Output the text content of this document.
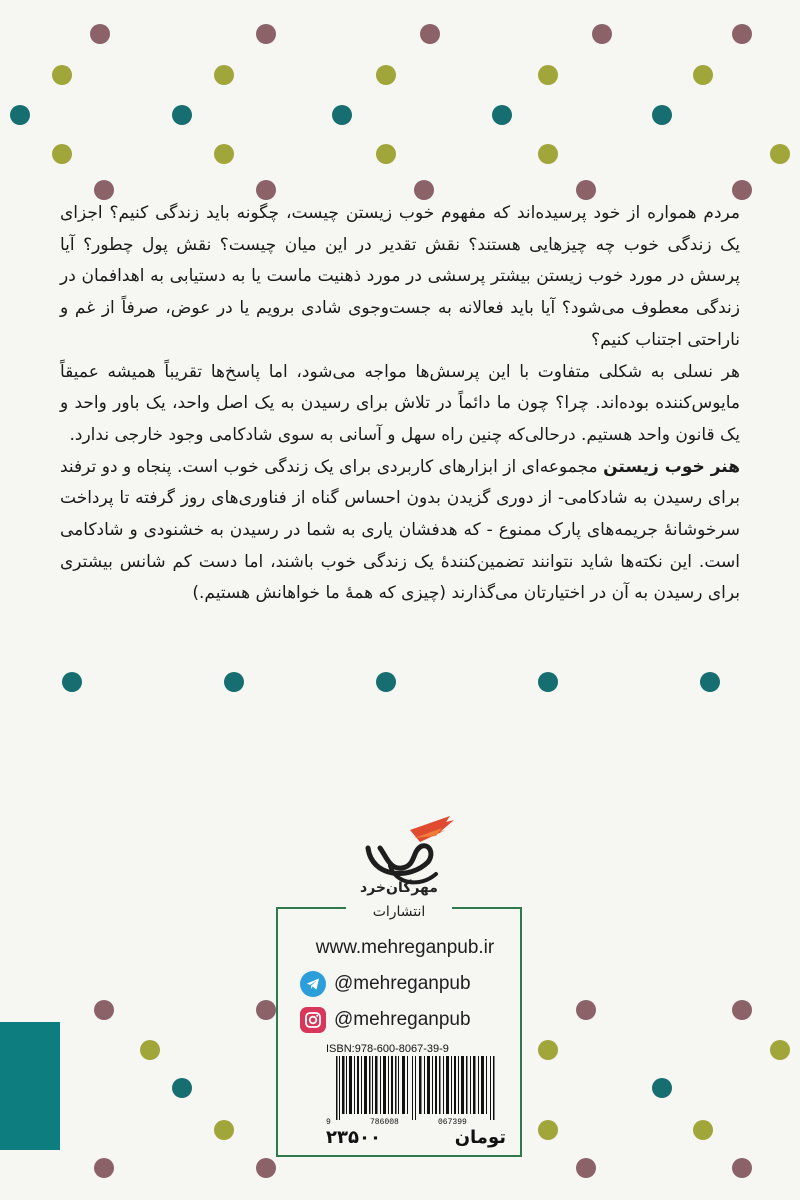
مردم همواره از خود پرسیده‌اند که مفهوم خوب زیستن چیست، چگونه باید زندگی کنیم؟ اجزای یک زندگی خوب چه چیزهایی هستند؟ نقش تقدیر در این میان چیست؟ نقش پول چطور؟ آیا پرسش در مورد خوب زیستن بیشتر پرسشی در مورد ذهنیت ماست یا به دستیابی به اهدافمان در زندگی معطوف می‌شود؟ آیا باید فعالانه به جست‌وجوی شادی برویم یا در عوض، صرفاً از غم و ناراحتی اجتناب کنیم؟

هر نسلی به شکلی متفاوت با این پرسش‌ها مواجه می‌شود، اما پاسخ‌ها تقریباً همیشه عمیقاً مایوس‌کننده بوده‌اند. چرا؟ چون ما دائماً در تلاش برای رسیدن به یک اصل واحد، یک باور واحد و یک قانون واحد هستیم. درحالی‌که چنین راه سهل و آسانی به سوی شادکامی وجود خارجی ندارد.

هنر خوب زیستن مجموعه‌ای از ابزارهای کاربردی برای یک زندگی خوب است. پنجاه و دو ترفند برای رسیدن به شادکامی- از دوری گزیدن بدون احساس گناه از فناوری‌های روز گرفته تا پرداخت سرخوشانهٔ جریمه‌های پارک ممنوع - که هدفشان یاری به شما در رسیدن به خشنودی و شادکامی است. این نکته‌ها شاید نتوانند تضمین‌کنندهٔ یک زندگی خوب باشند، اما دست کم شانس بیشتری برای رسیدن به آن در اختیارتان می‌گذارند (چیزی که همهٔ ما خواهانش هستیم.)

مهرگان‌خرد
انتشارات
www.mehreganpub.ir
@mehreganpub
@mehreganpub
ISBN:978-600-8067-39-9
9	786008	067399
تومان
۲۳۵۰۰
